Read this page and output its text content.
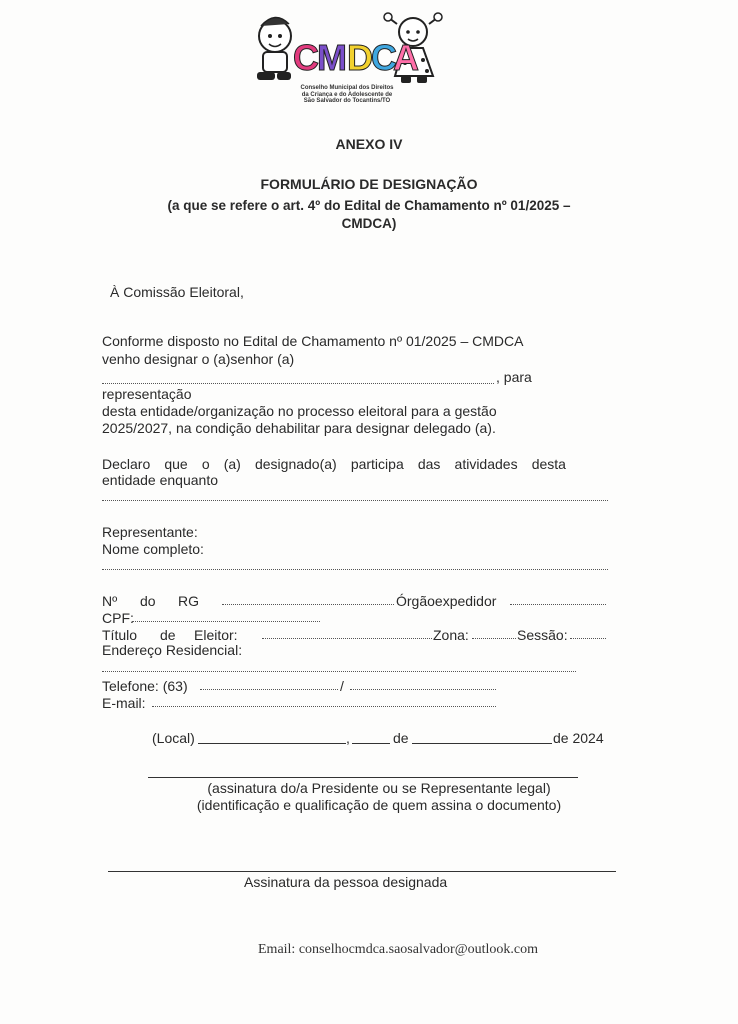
C
M D
C
A
Conselho Municipal dos Direitos
da Criança e do Adolescente de
São Salvador do Tocantins/TO
ANEXO IV
FORMULÁRIO DE DESIGNAÇÃO
(a que se refere o art. 4º do Edital de Chamamento nº 01/2025 –
CMDCA)
À Comissão Eleitoral,
Conforme disposto no Edital de Chamamento nº 01/2025 – CMDCA
venho designar o (a)senhor (a)
, para
representação
desta entidade/organização no processo eleitoral para a gestão
2025/2027, na condição dehabilitar para designar delegado (a).
Declaro que o (a) designado(a) participa das atividades desta
entidade enquanto
Representante:
Nome completo:
Nº do RG	Órgãoexpedidor
CPF:
Título de Eleitor:	Zona:	Sessão:
Endereço Residencial:
Telefone: (63)	/
E-mail:
(Local)	,	de	de 2024
(assinatura do/a Presidente ou se Representante legal)
(identificação e qualificação de quem assina o documento)
Assinatura da pessoa designada
Email: conselhocmdca.saosalvador@outlook.com
